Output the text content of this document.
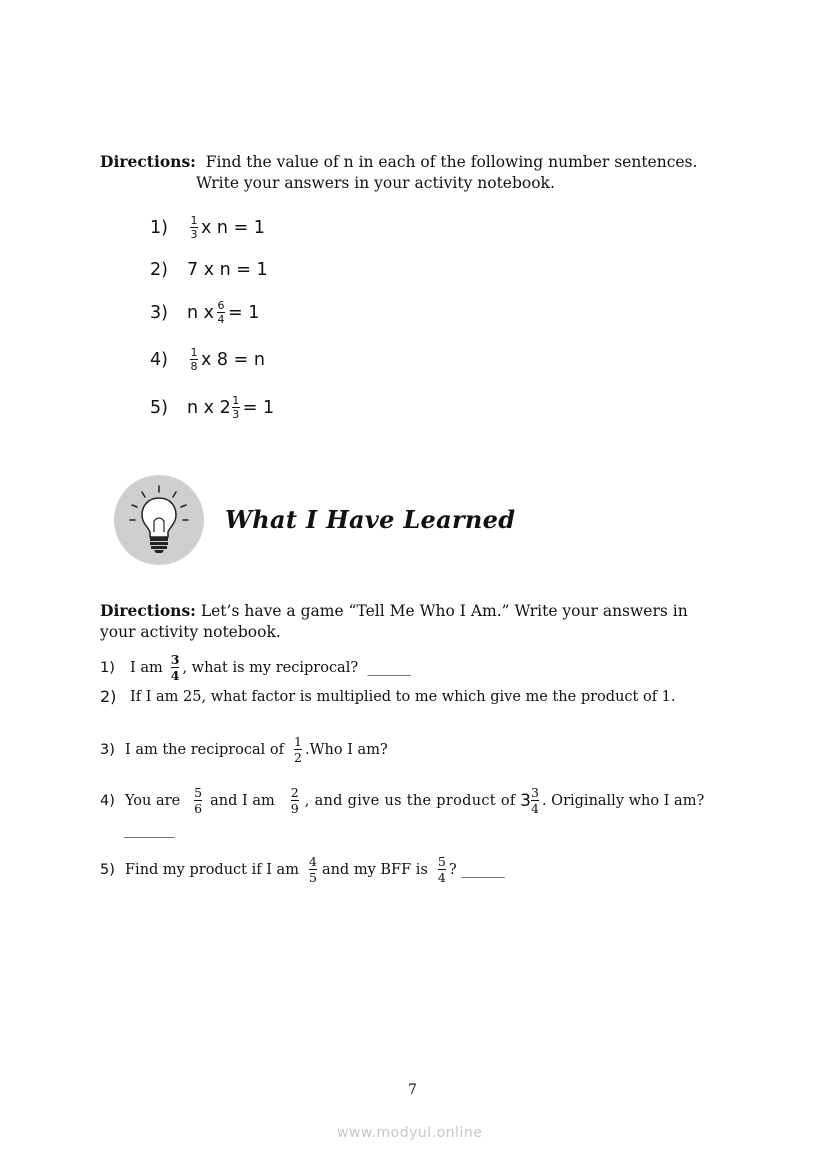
Directions: Find the value of n in each of the following number sentences.
Write your answers in your activity notebook.
1)	$\frac{1}{3}$ x n = 1
2)	7 x n = 1
3)	n x $\frac{6}{4} = 1$
4)	$\frac{1}{8}$ x 8 = n
5)	n x
$2 \frac{1}{3} = 1$
What I Have Learned
Directions: Let’s have a game “Tell Me Who I Am.” Write your answers in
your activity notebook.
1)	I am $\frac{3}{4}$ , what is my reciprocal?
______
2) If I am 25, what factor is multiplied to me which give me the product of 1.
3) I am the reciprocal of $\frac{1}{2} .Who$ I am?
4) You are $\frac{5}{6}$ and I am $\frac{2}{9}$ , and give us the product of
$3 \frac{3}{4}$ . Originally who I am?
_______
5) Find my product if I am $\frac{4}{5}$ and my BFF is $\frac{5}{4}$ ? ______
7
www.modyul.online
